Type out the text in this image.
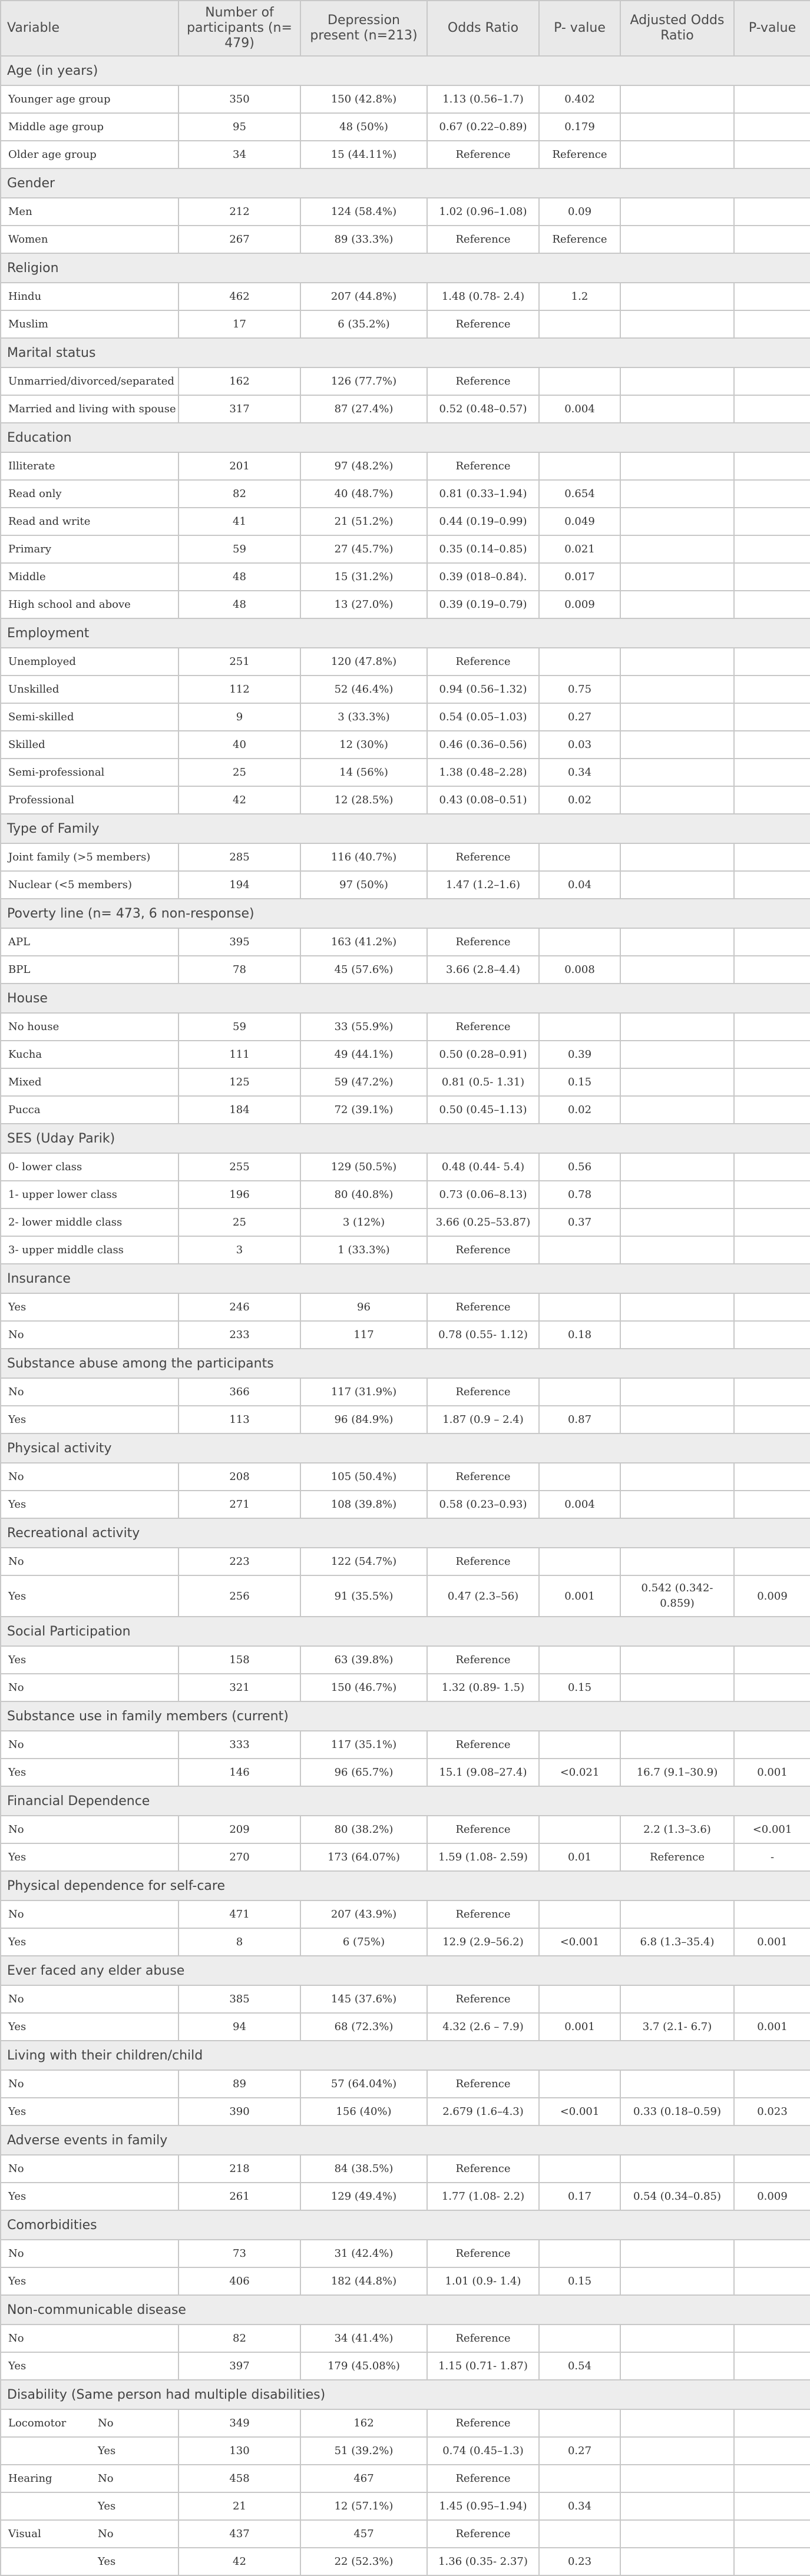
Variable	Number of participants (n= 479)	Depression present (n=213)	Odds Ratio	P- value	Adjusted Odds Ratio	P-value
Age (in years)						
Younger age group	350	150 (42.8%)	1.13 (0.56–1.7)	0.402		
Middle age group	95	48 (50%)	0.67 (0.22–0.89)	0.179		
Older age group	34	15 (44.11%)	Reference	Reference		
Gender						
Men	212	124 (58.4%)	1.02 (0.96–1.08)	0.09		
Women	267	89 (33.3%)	Reference	Reference		
Religion						
Hindu	462	207 (44.8%)	1.48 (0.78- 2.4)	1.2		
Muslim	17	6 (35.2%)	Reference			
Marital status						
Unmarried/divorced/separated	162	126 (77.7%)	Reference			
Married and living with spouse	317	87 (27.4%)	0.52 (0.48–0.57)	0.004		
Education						
Illiterate	201	97 (48.2%)	Reference			
Read only	82	40 (48.7%)	0.81 (0.33–1.94)	0.654		
Read and write	41	21 (51.2%)	0.44 (0.19–0.99)	0.049		
Primary	59	27 (45.7%)	0.35 (0.14–0.85)	0.021		
Middle	48	15 (31.2%)	0.39 (018–0.84).	0.017		
High school and above	48	13 (27.0%)	0.39 (0.19–0.79)	0.009		
Employment						
Unemployed	251	120 (47.8%)	Reference			
Unskilled	112	52 (46.4%)	0.94 (0.56–1.32)	0.75		
Semi-skilled	9	3 (33.3%)	0.54 (0.05–1.03)	0.27		
Skilled	40	12 (30%)	0.46 (0.36–0.56)	0.03		
Semi-professional	25	14 (56%)	1.38 (0.48–2.28)	0.34		
Professional	42	12 (28.5%)	0.43 (0.08–0.51)	0.02		
Type of Family						
Joint family (>5 members)	285	116 (40.7%)	Reference			
Nuclear (<5 members)	194	97 (50%)	1.47 (1.2–1.6)	0.04		
Poverty line (n= 473, 6 non-response)						
APL	395	163 (41.2%)	Reference			
BPL	78	45 (57.6%)	3.66 (2.8–4.4)	0.008		
House						
No house	59	33 (55.9%)	Reference			
Kucha	111	49 (44.1%)	0.50 (0.28–0.91)	0.39		
Mixed	125	59 (47.2%)	0.81 (0.5- 1.31)	0.15		
Pucca	184	72 (39.1%)	0.50 (0.45–1.13)	0.02		
SES (Uday Parik)						
0- lower class	255	129 (50.5%)	0.48 (0.44- 5.4)	0.56		
1- upper lower class	196	80 (40.8%)	0.73 (0.06–8.13)	0.78		
2- lower middle class	25	3 (12%)	3.66 (0.25–53.87)	0.37		
3- upper middle class	3	1 (33.3%)	Reference			
Insurance						
Yes	246	96	Reference			
No	233	117	0.78 (0.55- 1.12)	0.18		
Substance abuse among the participants						
No	366	117 (31.9%)	Reference			
Yes	113	96 (84.9%)	1.87 (0.9 – 2.4)	0.87		
Physical activity						
No	208	105 (50.4%)	Reference			
Yes	271	108 (39.8%)	0.58 (0.23–0.93)	0.004		
Recreational activity						
No	223	122 (54.7%)	Reference			
Yes	256	91 (35.5%)	0.47 (2.3–56)	0.001	0.542 (0.342- 0.859)	0.009
Social Participation						
Yes	158	63 (39.8%)	Reference			
No	321	150 (46.7%)	1.32 (0.89- 1.5)	0.15		
Substance use in family members (current)						
No	333	117 (35.1%)	Reference			
Yes	146	96 (65.7%)	15.1 (9.08–27.4)	<0.021	16.7 (9.1–30.9)	0.001
Financial Dependence						
No	209	80 (38.2%)	Reference		2.2 (1.3–3.6)	<0.001
Yes	270	173 (64.07%)	1.59 (1.08- 2.59)	0.01	Reference	-
Physical dependence for self-care						
No	471	207 (43.9%)	Reference			
Yes	8	6 (75%)	12.9 (2.9–56.2)	<0.001	6.8 (1.3–35.4)	0.001
Ever faced any elder abuse						
No	385	145 (37.6%)	Reference			
Yes	94	68 (72.3%)	4.32 (2.6 – 7.9)	0.001	3.7 (2.1- 6.7)	0.001
Living with their children/child						
No	89	57 (64.04%)	Reference			
Yes	390	156 (40%)	2.679 (1.6–4.3)	<0.001	0.33 (0.18–0.59)	0.023
Adverse events in family						
No	218	84 (38.5%)	Reference			
Yes	261	129 (49.4%)	1.77 (1.08- 2.2)	0.17	0.54 (0.34–0.85)	0.009
Comorbidities						
No	73	31 (42.4%)	Reference			
Yes	406	182 (44.8%)	1.01 (0.9- 1.4)	0.15		
Non-communicable disease						
No	82	34 (41.4%)	Reference			
Yes	397	179 (45.08%)	1.15 (0.71- 1.87)	0.54		
Disability (Same person had multiple disabilities)						

Locomotor No	349	162	Reference			

Yes	130	51 (39.2%)	0.74 (0.45–1.3)	0.27		

Hearing No	458	467	Reference			

Yes	21	12 (57.1%)	1.45 (0.95–1.94)	0.34		

Visual No	437	457	Reference			

Yes	42	22 (52.3%)	1.36 (0.35- 2.37)	0.23		
